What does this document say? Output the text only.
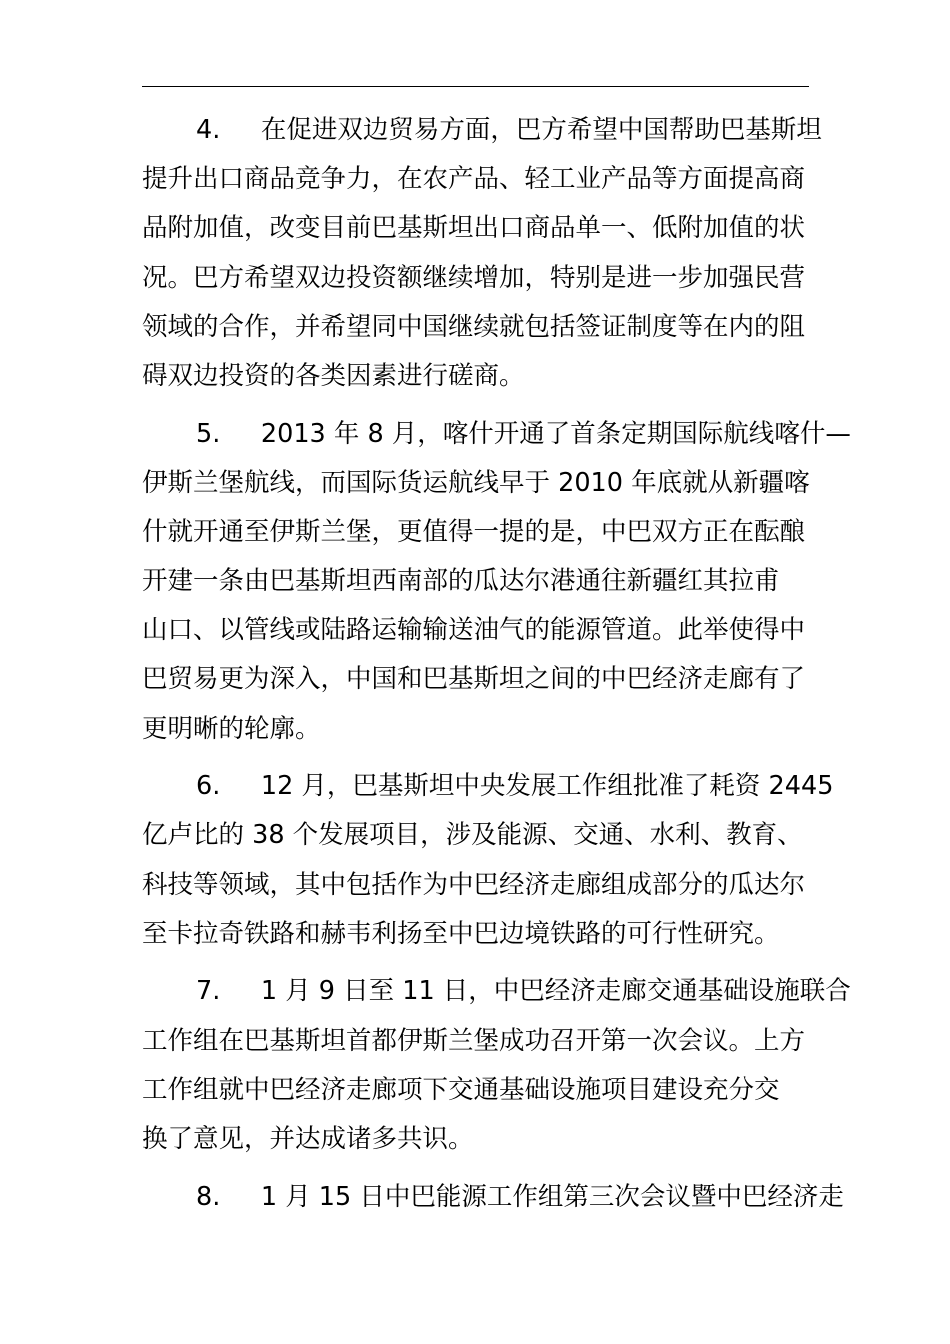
4. 在促进双边贸易方面，巴方希望中国帮助巴基斯坦
提升出口商品竞争力，在农产品、轻工业产品等方面提高商
品附加值，改变目前巴基斯坦出口商品单一、低附加值的状
况。巴方希望双边投资额继续增加，特别是进一步加强民营
领域的合作，并希望同中国继续就包括签证制度等在内的阻
碍双边投资的各类因素进行磋商。
5. 2013 年 8 月，喀什开通了首条定期国际航线喀什—
伊斯兰堡航线，而国际货运航线早于 2010 年底就从新疆喀
什就开通至伊斯兰堡，更值得一提的是，中巴双方正在酝酿
开建一条由巴基斯坦西南部的瓜达尔港通往新疆红其拉甫
山口、以管线或陆路运输输送油气的能源管道。此举使得中
巴贸易更为深入，中国和巴基斯坦之间的中巴经济走廊有了
更明晰的轮廓。
6. 12 月，巴基斯坦中央发展工作组批准了耗资 2445
亿卢比的 38 个发展项目，涉及能源、交通、水利、教育、
科技等领域，其中包括作为中巴经济走廊组成部分的瓜达尔
至卡拉奇铁路和赫韦利扬至中巴边境铁路的可行性研究。
7. 1 月 9 日至 11 日，中巴经济走廊交通基础设施联合
工作组在巴基斯坦首都伊斯兰堡成功召开第一次会议。上方
工作组就中巴经济走廊项下交通基础设施项目建设充分交
换了意见，并达成诸多共识。
8. 1 月 15 日中巴能源工作组第三次会议暨中巴经济走
